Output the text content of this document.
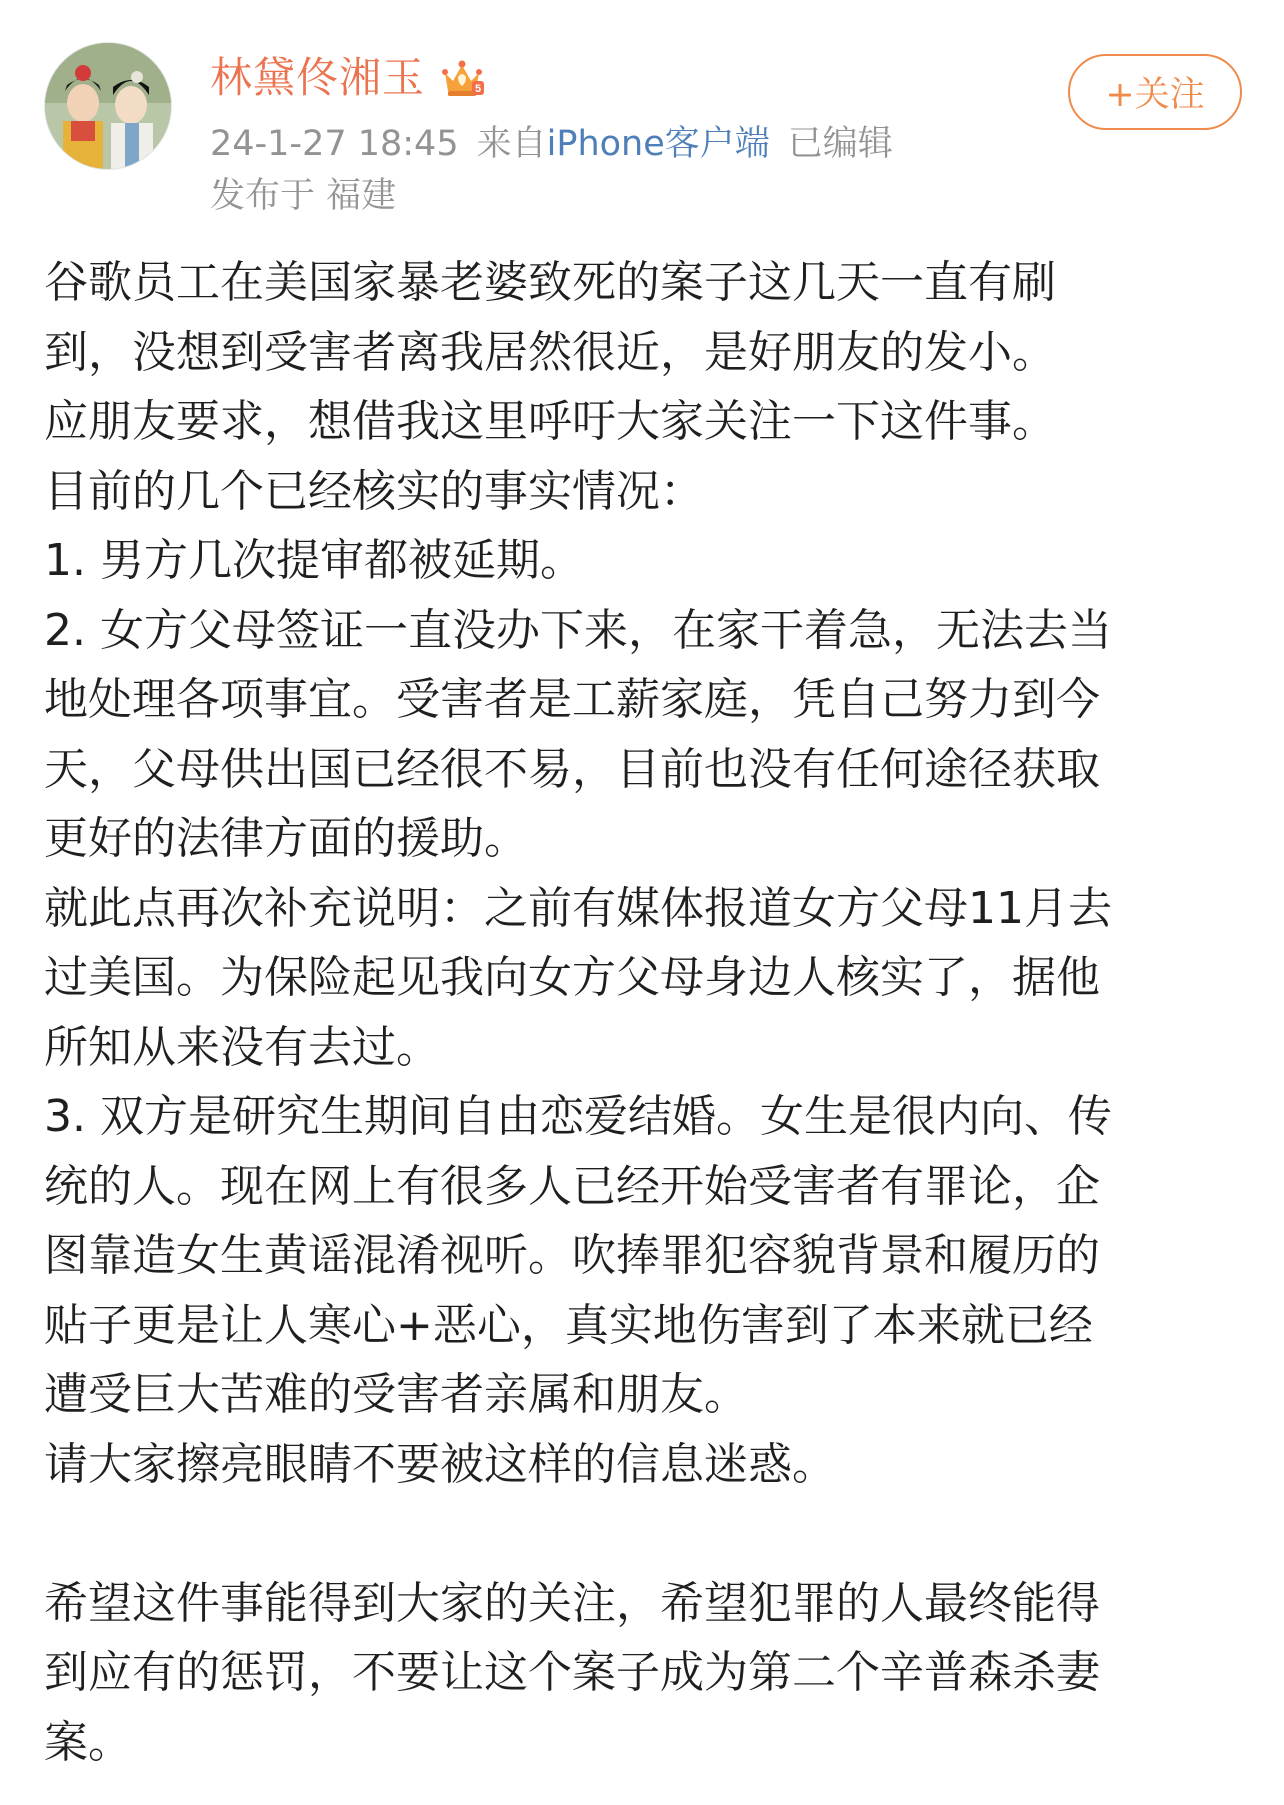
林黛佟湘玉	5
24-1-27 18:45 来自iPhone客户端 已编辑
发布于 福建
+关注

谷歌员工在美国家暴老婆致死的案子这几天一直有刷

到，没想到受害者离我居然很近，是好朋友的发小。

应朋友要求，想借我这里呼吁大家关注一下这件事。

目前的几个已经核实的事实情况：

1. 男方几次提审都被延期。

2. 女方父母签证一直没办下来，在家干着急，无法去当

地处理各项事宜。受害者是工薪家庭，凭自己努力到今

天，父母供出国已经很不易，目前也没有任何途径获取

更好的法律方面的援助。

就此点再次补充说明：之前有媒体报道女方父母11月去

过美国。为保险起见我向女方父母身边人核实了，据他

所知从来没有去过。

3. 双方是研究生期间自由恋爱结婚。女生是很内向、传

统的人。现在网上有很多人已经开始受害者有罪论，企

图靠造女生黄谣混淆视听。吹捧罪犯容貌背景和履历的

贴子更是让人寒心+恶心，真实地伤害到了本来就已经

遭受巨大苦难的受害者亲属和朋友。

请大家擦亮眼睛不要被这样的信息迷惑。

希望这件事能得到大家的关注，希望犯罪的人最终能得

到应有的惩罚，不要让这个案子成为第二个辛普森杀妻

案。
